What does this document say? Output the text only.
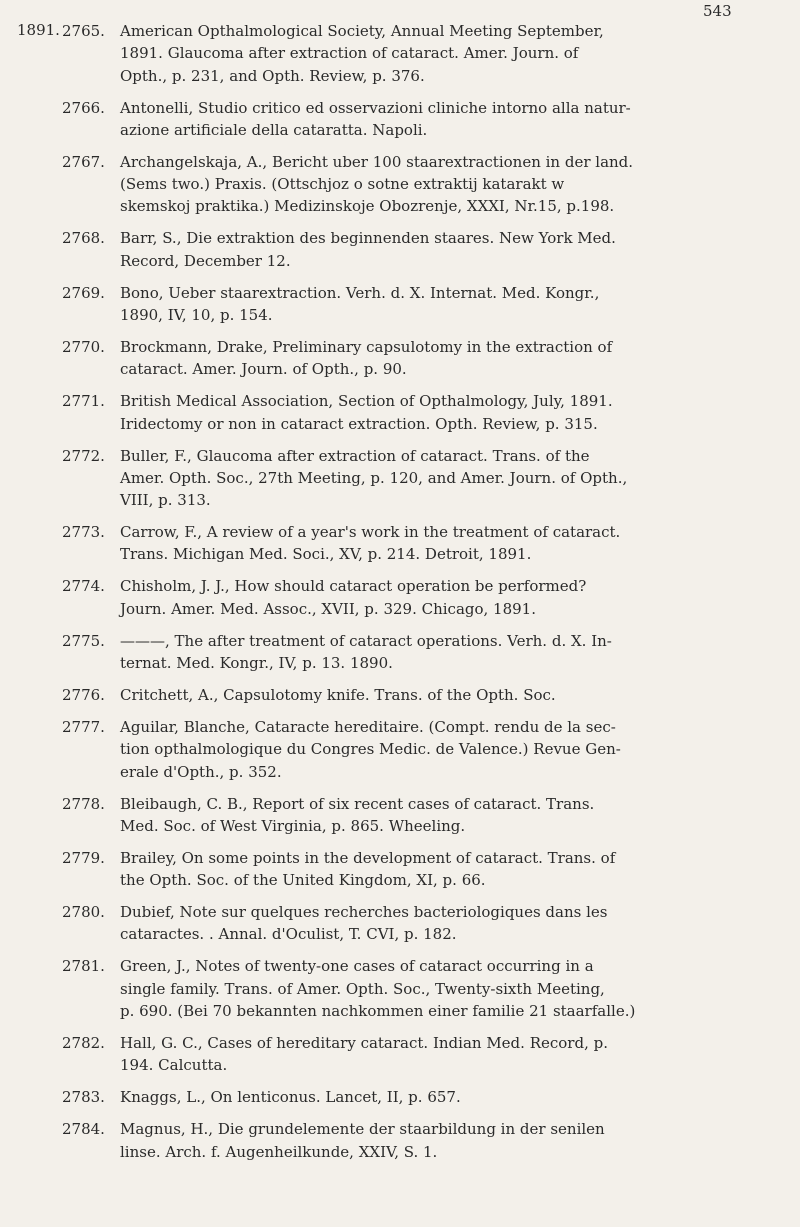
543
1891. 2765. American Opthalmological Society, Annual Meeting September,
1891. Glaucoma after extraction of cataract. Amer. Journ. of
Opth., p. 231, and Opth. Review, p. 376.
2766. Antonelli, Studio critico ed osservazioni cliniche intorno alla natur-
azione artificiale della cataratta. Napoli.
2767. Archangelskaja, A., Bericht uber 100 staarextractionen in der land.
(Sems two.) Praxis. (Ottschjoz o sotne extraktij katarakt w
skemskoj praktika.) Medizinskoje Obozrenje, XXXI, Nr.15, p.198.
2768. Barr, S., Die extraktion des beginnenden staares. New York Med.
Record, December 12.
2769. Bono, Ueber staarextraction. Verh. d. X. Internat. Med. Kongr.,
1890, IV, 10, p. 154.
2770. Brockmann, Drake, Preliminary capsulotomy in the extraction of
cataract. Amer. Journ. of Opth., p. 90.
2771. British Medical Association, Section of Opthalmology, July, 1891.
Iridectomy or non in cataract extraction. Opth. Review, p. 315.
2772. Buller, F., Glaucoma after extraction of cataract. Trans. of the
Amer. Opth. Soc., 27th Meeting, p. 120, and Amer. Journ. of Opth.,
VIII, p. 313.
2773. Carrow, F., A review of a year's work in the treatment of cataract.
Trans. Michigan Med. Soci., XV, p. 214. Detroit, 1891.
2774. Chisholm, J. J., How should cataract operation be performed?
Journ. Amer. Med. Assoc., XVII, p. 329. Chicago, 1891.
2775. ———, The after treatment of cataract operations. Verh. d. X. In-
ternat. Med. Kongr., IV, p. 13. 1890.
2776. Critchett, A., Capsulotomy knife. Trans. of the Opth. Soc.
2777. Aguilar, Blanche, Cataracte hereditaire. (Compt. rendu de la sec-
tion opthalmologique du Congres Medic. de Valence.) Revue Gen-
erale d'Opth., p. 352.
2778. Bleibaugh, C. B., Report of six recent cases of cataract. Trans.
Med. Soc. of West Virginia, p. 865. Wheeling.
2779. Brailey, On some points in the development of cataract. Trans. of
the Opth. Soc. of the United Kingdom, XI, p. 66.
2780. Dubief, Note sur quelques recherches bacteriologiques dans les
cataractes. . Annal. d'Oculist, T. CVI, p. 182.
2781. Green, J., Notes of twenty-one cases of cataract occurring in a
single family. Trans. of Amer. Opth. Soc., Twenty-sixth Meeting,
p. 690. (Bei 70 bekannten nachkommen einer familie 21 staarfalle.)
2782. Hall, G. C., Cases of hereditary cataract. Indian Med. Record, p.
194. Calcutta.
2783. Knaggs, L., On lenticonus. Lancet, II, p. 657.
2784. Magnus, H., Die grundelemente der staarbildung in der senilen
linse. Arch. f. Augenheilkunde, XXIV, S. 1.
